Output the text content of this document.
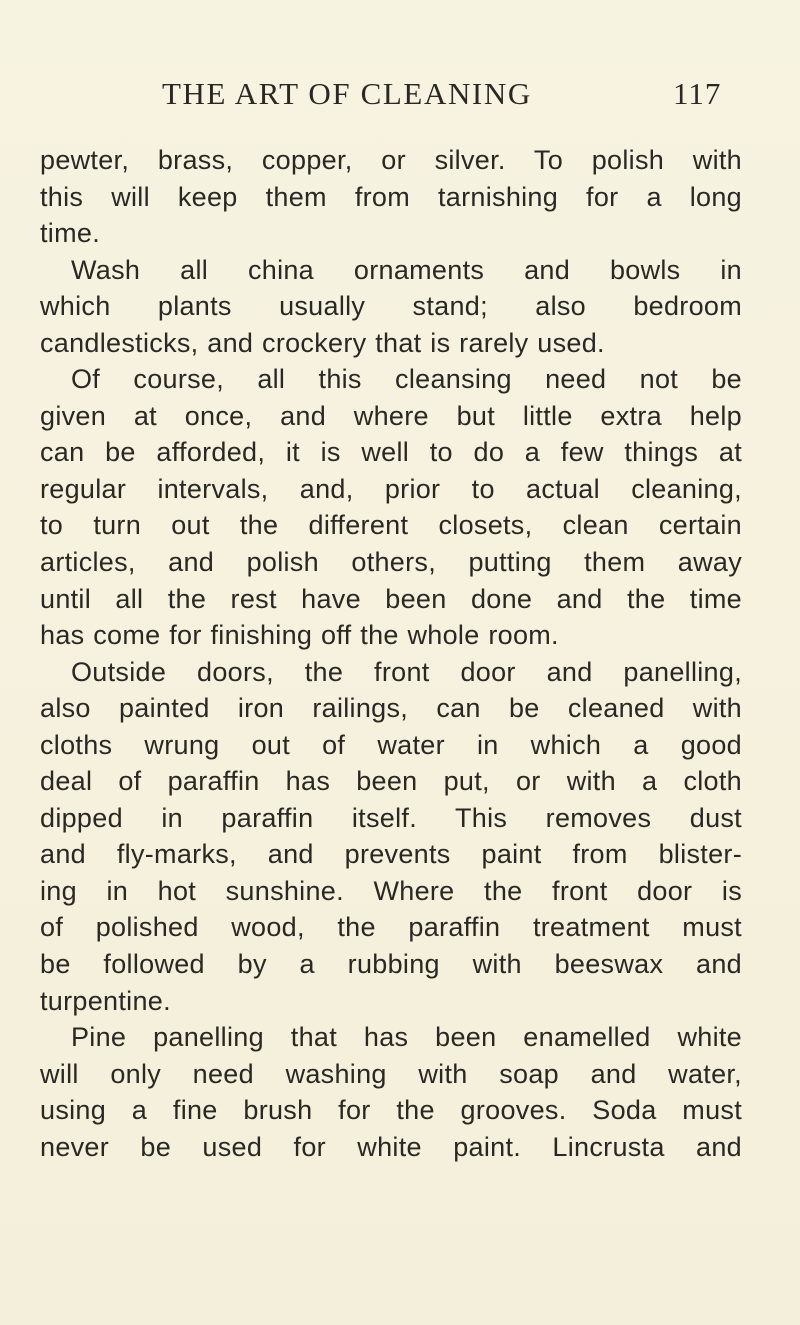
THE ART OF CLEANING	117
pewter, brass, copper, or silver. To polish with
this will keep them from tarnishing for a long
time.
Wash all china ornaments and bowls in
which plants usually stand; also bedroom
candlesticks, and crockery that is rarely used.
Of course, all this cleansing need not be
given at once, and where but little extra help
can be afforded, it is well to do a few things at
regular intervals, and, prior to actual cleaning,
to turn out the different closets, clean certain
articles, and polish others, putting them away
until all the rest have been done and the time
has come for finishing off the whole room.
Outside doors, the front door and panelling,
also painted iron railings, can be cleaned with
cloths wrung out of water in which a good
deal of paraffin has been put, or with a cloth
dipped in paraffin itself. This removes dust
and fly-marks, and prevents paint from blister-
ing in hot sunshine. Where the front door is
of polished wood, the paraffin treatment must
be followed by a rubbing with beeswax and
turpentine.
Pine panelling that has been enamelled white
will only need washing with soap and water,
using a fine brush for the grooves. Soda must
never be used for white paint. Lincrusta and
